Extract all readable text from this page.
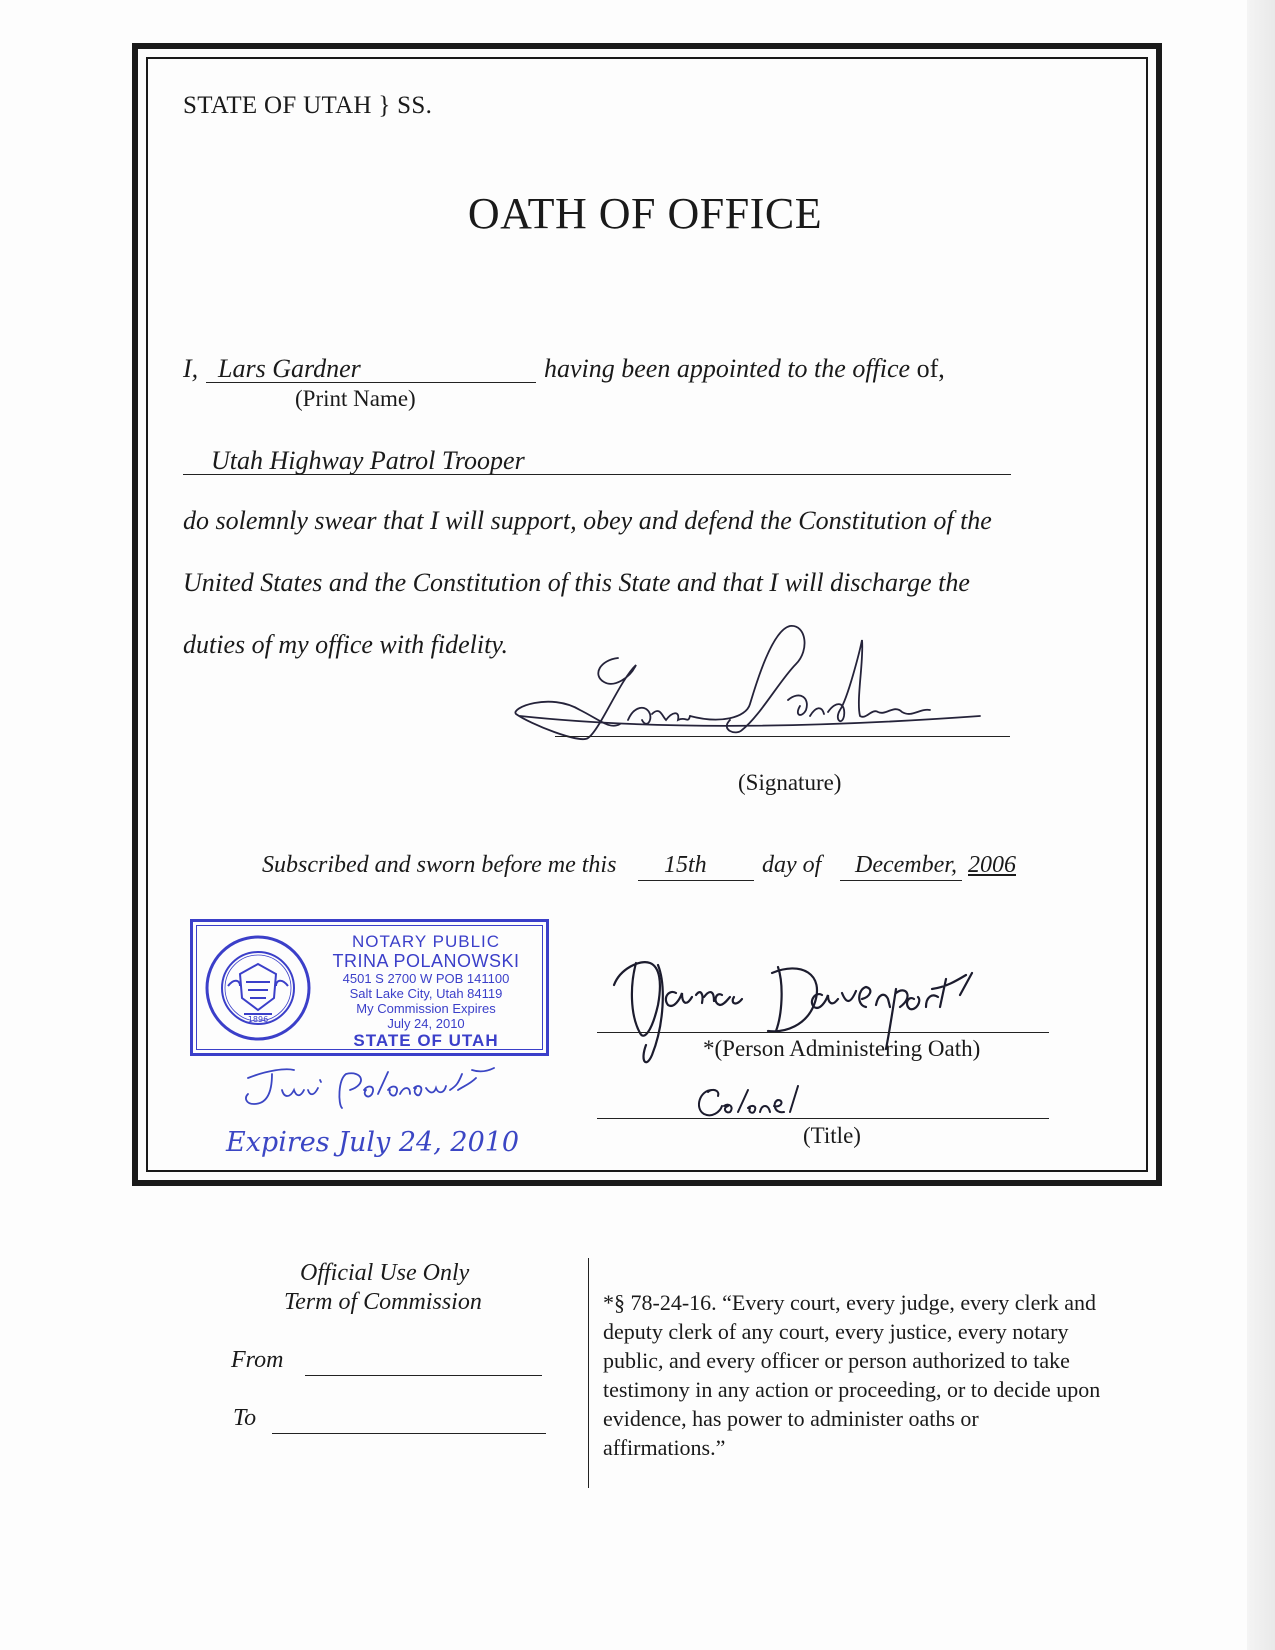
STATE OF UTAH } SS.
OATH OF OFFICE
I, Lars Gardner	having been appointed to the office of,
(Print Name)
Utah Highway Patrol Trooper
do solemnly swear that I will support, obey and defend the Constitution of the
United States and the Constitution of this State and that I will discharge the
duties of my office with fidelity.
(Signature)
Subscribed and sworn before me this 15th day of December, 2006
1896
NOTARY PUBLIC
TRINA POLANOWSKI
4501 S 2700 W POB 141100
Salt Lake City, Utah 84119
My Commission Expires
July 24, 2010
STATE OF UTAH
Expires July 24, 2010
*(Person Administering Oath)
(Title)
Official Use Only
Term of Commission
From
To
*§ 78-24-16. “Every court, every judge, every clerk and deputy clerk of any court, every justice, every notary public, and every officer or person authorized to take testimony in any action or proceeding, or to decide upon evidence, has power to administer oaths or affirmations.”
